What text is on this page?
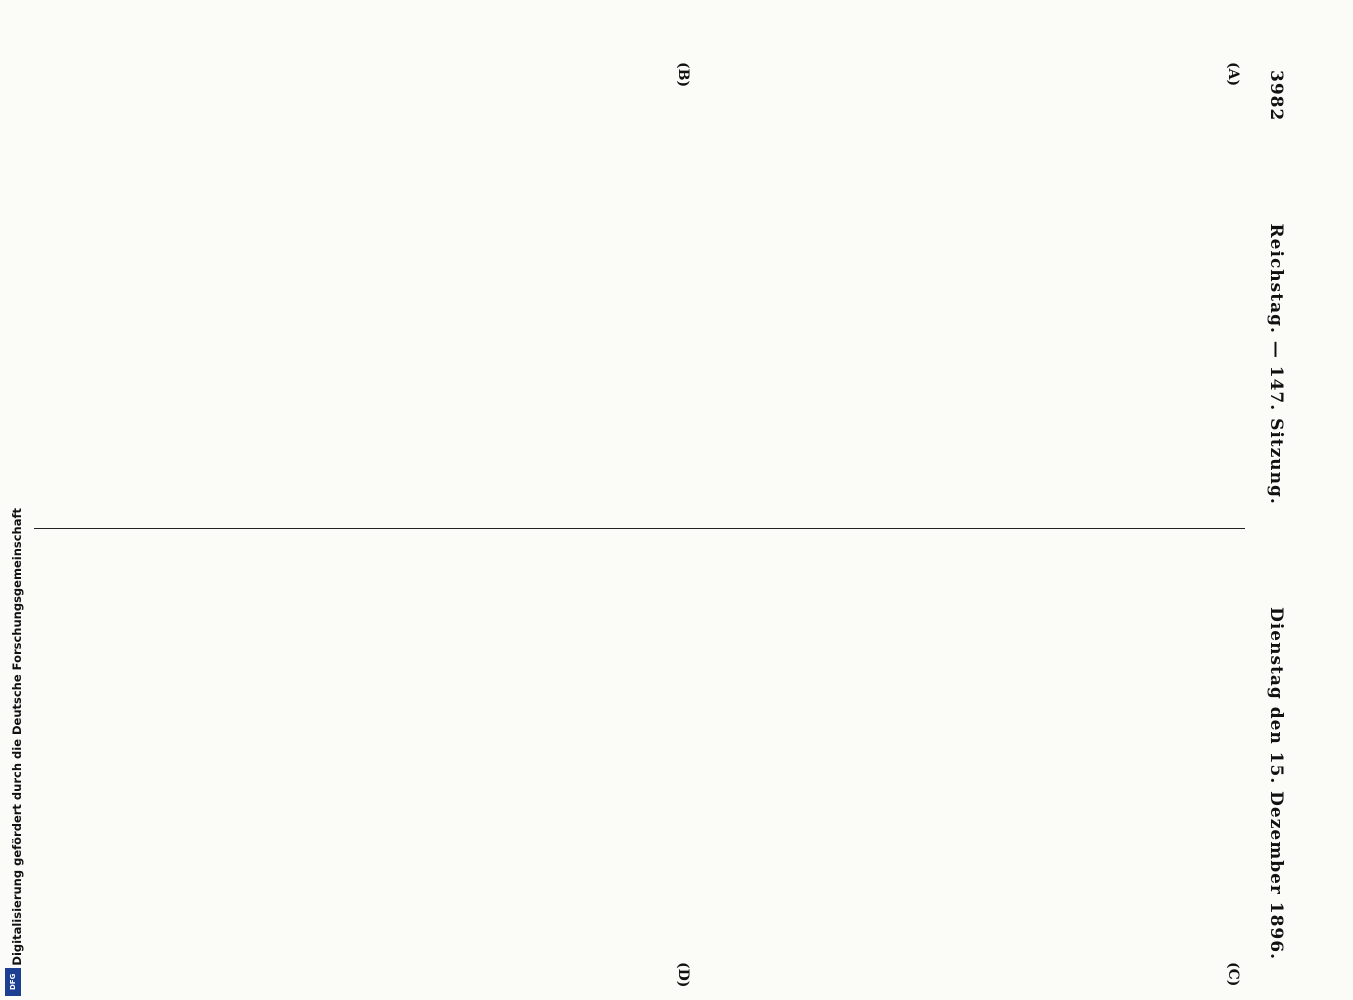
3982
Reichstag. — 147. Sitzung.
Dienstag den 15. Dezember 1896.
(A)
(B)
(C)
(D)
Digitalisierung gefördert durch die Deutsche Forschungsgemeinschaft
DFG
